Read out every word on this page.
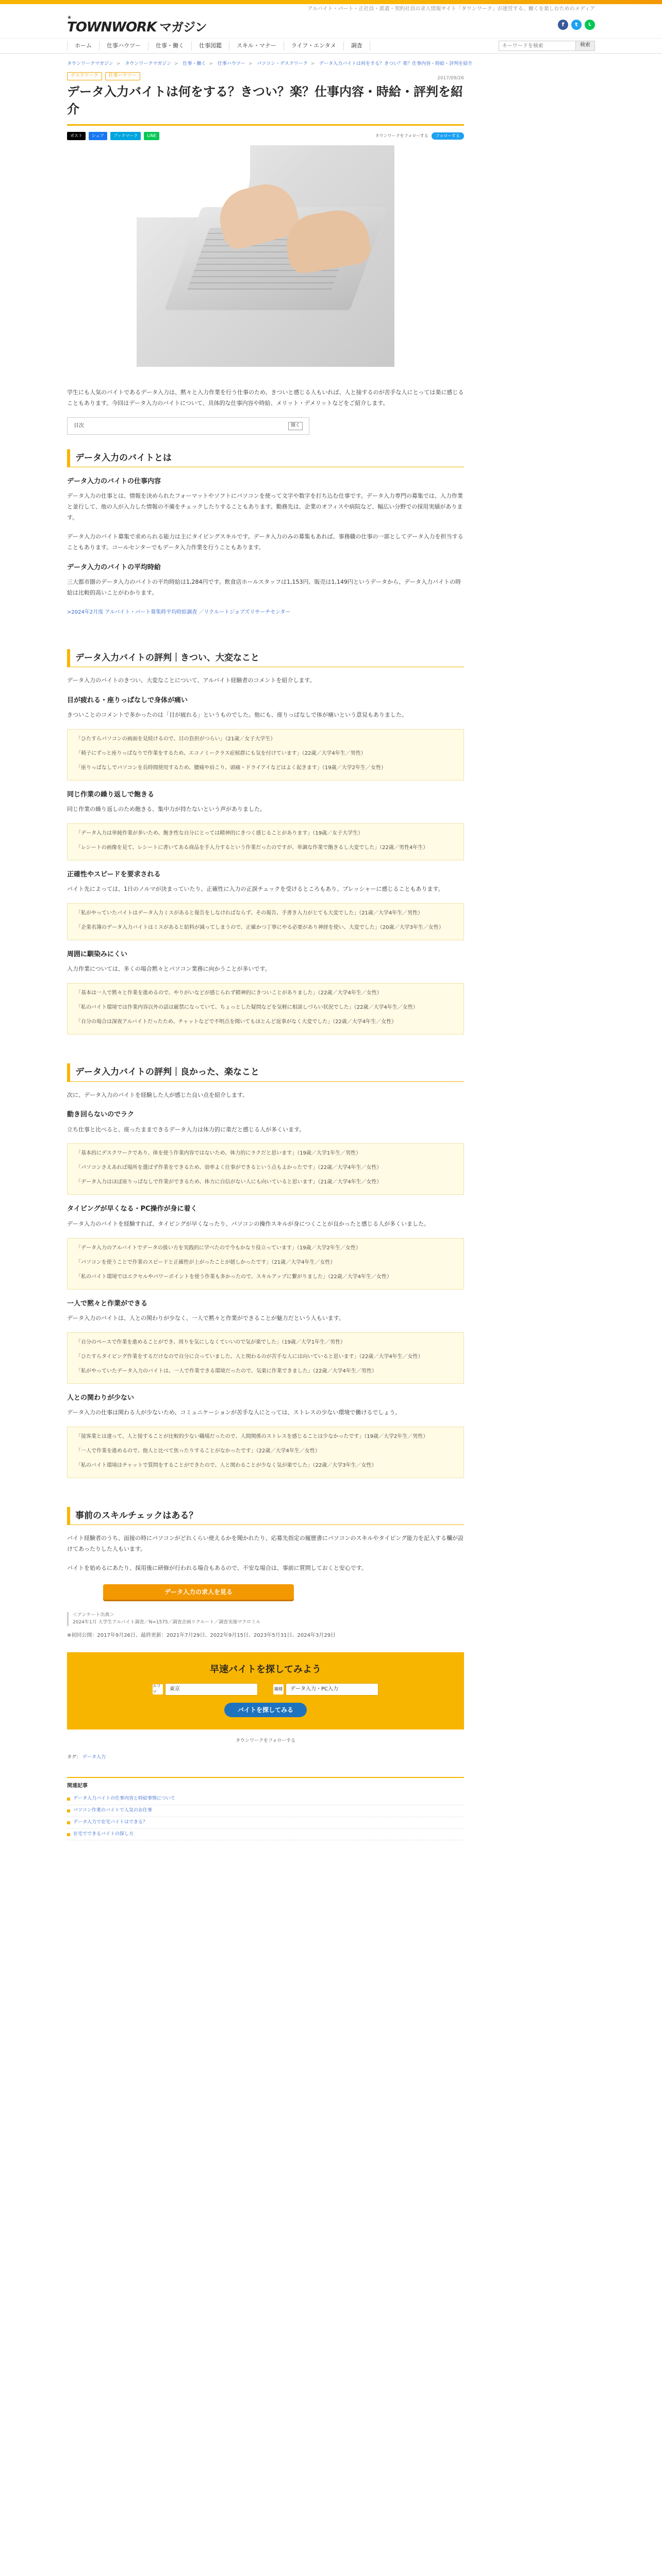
アルバイト・パート・正社員・派遣・契約社員の求人情報サイト「タウンワーク」が運営する、働くを楽しむためのメディア
★
TOWNWORK マガジン	f	t	L
ホーム	仕事ハウツー	仕事・働く	仕事図鑑	スキル・マナー	ライフ・エンタメ	調査
キーワードを検索	検索
タウンワークマガジン > タウンワークマガジン > 仕事・働く > 仕事ハウツー > パソコン・デスクワーク > データ入力バイトは何をする？きつい？楽？仕事内容・時給・評判を紹介
デスクワーク	仕事ハウツー	2017/09/26
データ入力バイトは何をする？きつい？楽？仕事内容・時給・評判を紹介
ポスト	シェア	ブックマーク	LINE	タウンワークをフォローする	フォローする

学生にも人気のバイトであるデータ入力は、黙々と入力作業を行う仕事のため、きついと感じる人もいれば、人と接するのが苦手な人にとっては楽に感じることもあります。今回はデータ入力のバイトについて、具体的な仕事内容や時給、メリット・デメリットなどをご紹介します。

目次	開く
データ入力のバイトとは
データ入力のバイトの仕事内容

データ入力の仕事とは、情報を決められたフォーマットやソフトにパソコンを使って文字や数字を打ち込む仕事です。データ入力専門の募集では、入力作業と並行して、他の人が入力した情報の不備をチェックしたりすることもあります。勤務先は、企業のオフィスや病院など、幅広い分野での採用実績があります。

データ入力のバイト募集で求められる能力は主にタイピングスキルです。データ入力のみの募集もあれば、事務職の仕事の一部としてデータ入力を担当することもあります。コールセンターでもデータ入力作業を行うこともあります。

データ入力のバイトの平均時給

三大都市圏のデータ入力のバイトの平均時給は1,284円です。飲食店ホールスタッフは1,153円、販売は1,149円というデータから、データ入力バイトの時給は比較的高いことがわかります。

>2024年2月度 アルバイト・パート募集時平均時給調査 ／リクルートジョブズリサーチセンター
データ入力バイトの評判｜きつい、大変なこと

データ入力のバイトのきつい、大変なことについて、アルバイト経験者のコメントを紹介します。

目が疲れる・座りっぱなしで身体が痛い

きついことのコメントで多かったのは「目が疲れる」というものでした。他にも、座りっぱなしで体が痛いという意見もありました。

「ひたすらパソコンの画面を見続けるので、目の負担がつらい」（21歳／女子大学生）

「椅子にずっと座りっぱなりで作業をするため、エコノミークラス症候群にも気を付けています」（22歳／大学4年生／男性）

「座りっぱなしでパソコンを長時間使用するため、腰痛や肩こり、頭痛・ドライアイなどはよく起きます」（19歳／大学2年生／女性）

同じ作業の繰り返しで飽きる

同じ作業の繰り返しのため飽きる、集中力が持たないという声がありました。

「データ入力は単純作業が多いため、飽き性な自分にとっては精神的にきつく感じることがあります」（19歳／女子大学生）

「レシートの画像を見て、レシートに書いてある商品を手入力するという作業だったのですが、単調な作業で飽きるし大変でした」（22歳／男性4年生）

正確性やスピードを要求される

バイト先によっては、1日のノルマが決まっていたり、正確性に入力の正誤チェックを受けるところもあり、プレッシャーに感じることもあります。

「私がやっていたバイトはデータ入力ミスがあると報告をしなければならず、その報告、手書き入力がとても大変でした」（21歳／大学4年生／男性）

「企業名簿のデータ入力バイトはミスがあると給料が減ってしまうので、正確かつ丁寧にやる必要があり神経を使い、大変でした」（20歳／大学3年生／女性）

周囲に馴染みにくい

入力作業については、多くの場合黙々とパソコン業務に向かうことが多いです。

「基本は一人で黙々と作業を進めるので、やりがいなどが感じられず精神的にきついことがありました」（22歳／大学4年生／女性）

「私のバイト環境では作業内容以外の話は厳禁になっていて、ちょっとした疑問などを気軽に相談しづらい状況でした」（22歳／大学4年生／女性）

「自分の場合は深夜アルバイトだったため、チャットなどで不明点を聞いてもほとんど返事がなく大変でした」（22歳／大学4年生／女性）

データ入力バイトの評判｜良かった、楽なこと

次に、データ入力のバイトを経験した人が感じた良い点を紹介します。

動き回らないのでラク

立ち仕事と比べると、座ったままできるデータ入力は体力的に楽だと感じる人が多くいます。

「基本的にデスクワークであり、体を使う作業内容ではないため、体力的にラクだと思います」（19歳／大学1年生／男性）

「パソコンさえあれば場所を選ばず作業をできるため、効率よく仕事ができるという点もよかったです」（22歳／大学4年生／女性）

「データ入力はほぼ座りっぱなしで作業ができるため、体力に自信がない人にも向いていると思います」（21歳／大学4年生／女性）

タイピングが早くなる・PC操作が身に着く

データ入力のバイトを経験すれば、タイピングが早くなったり、パソコンの操作スキルが身につくことが良かったと感じる人が多くいました。

「データ入力のアルバイトでデータの扱い方を実践的に学べたので今もかなり役立っています」（19歳／大学2年生／女性）

「パソコンを使うことで作業のスピードと正確性が上がったことが嬉しかったです」（21歳／大学4年生／女性）

「私のバイト環境ではエクセルやパワーポイントを使う作業も多かったので、スキルアップに繋がりました」（22歳／大学4年生／女性）

一人で黙々と作業ができる

データ入力のバイトは、人との関わりが少なく、一人で黙々と作業ができることが魅力だという人もいます。

「自分のペースで作業を進めることができ、周りを気にしなくていいので気が楽でした」（19歳／大学1年生／男性）

「ひたすらタイピング作業をするだけなので自分に合っていました。人と関わるのが苦手な人には向いていると思います」（22歳／大学4年生／女性）

「私がやっていたデータ入力のバイトは、一人で作業できる環境だったので、気楽に作業できました」（22歳／大学4年生／男性）

人との関わりが少ない

データ入力の仕事は関わる人が少ないため、コミュニケーションが苦手な人にとっては、ストレスの少ない環境で働けるでしょう。

「接客業とは違って、人と接することが比較的少ない職場だったので、人間関係のストレスを感じることは少なかったです」（19歳／大学2年生／男性）

「一人で作業を進めるので、他人と比べて焦ったりすることがなかったです」（22歳／大学4年生／女性）

「私のバイト環境はチャットで質問をすることができたので、人と関わることが少なく気が楽でした」（22歳／大学3年生／女性）

事前のスキルチェックはある？

バイト経験者のうち、面接の時にパソコンがどれくらい使えるかを聞かれたり、応募先指定の履歴書にパソコンのスキルやタイピング能力を記入する欄が設けてあったりした人もいます。

バイトを始めるにあたり、採用後に研修が行われる場合もあるので、不安な場合は、事前に質問しておくと安心です。

データ入力の求人を見る
＜アンケート出典＞
2024年1月 大学生アルバイト調査／N=1575／調査企画リクルート／調査実施マクロミル
※初回公開：2017年9月26日、最終更新：2021年7月29日、2022年9月15日、2023年5月31日、2024年3月29日
早速バイトを探してみよう
エリア
東京	職種	データ入力・PC入力
バイトを探してみる
タウンワークをフォローする
タグ： データ入力
関連記事
データ入力バイトの仕事内容と時給事情について
パソコン作業のバイトで人気のお仕事
データ入力で在宅バイトはできる？
在宅でできるバイトの探し方
